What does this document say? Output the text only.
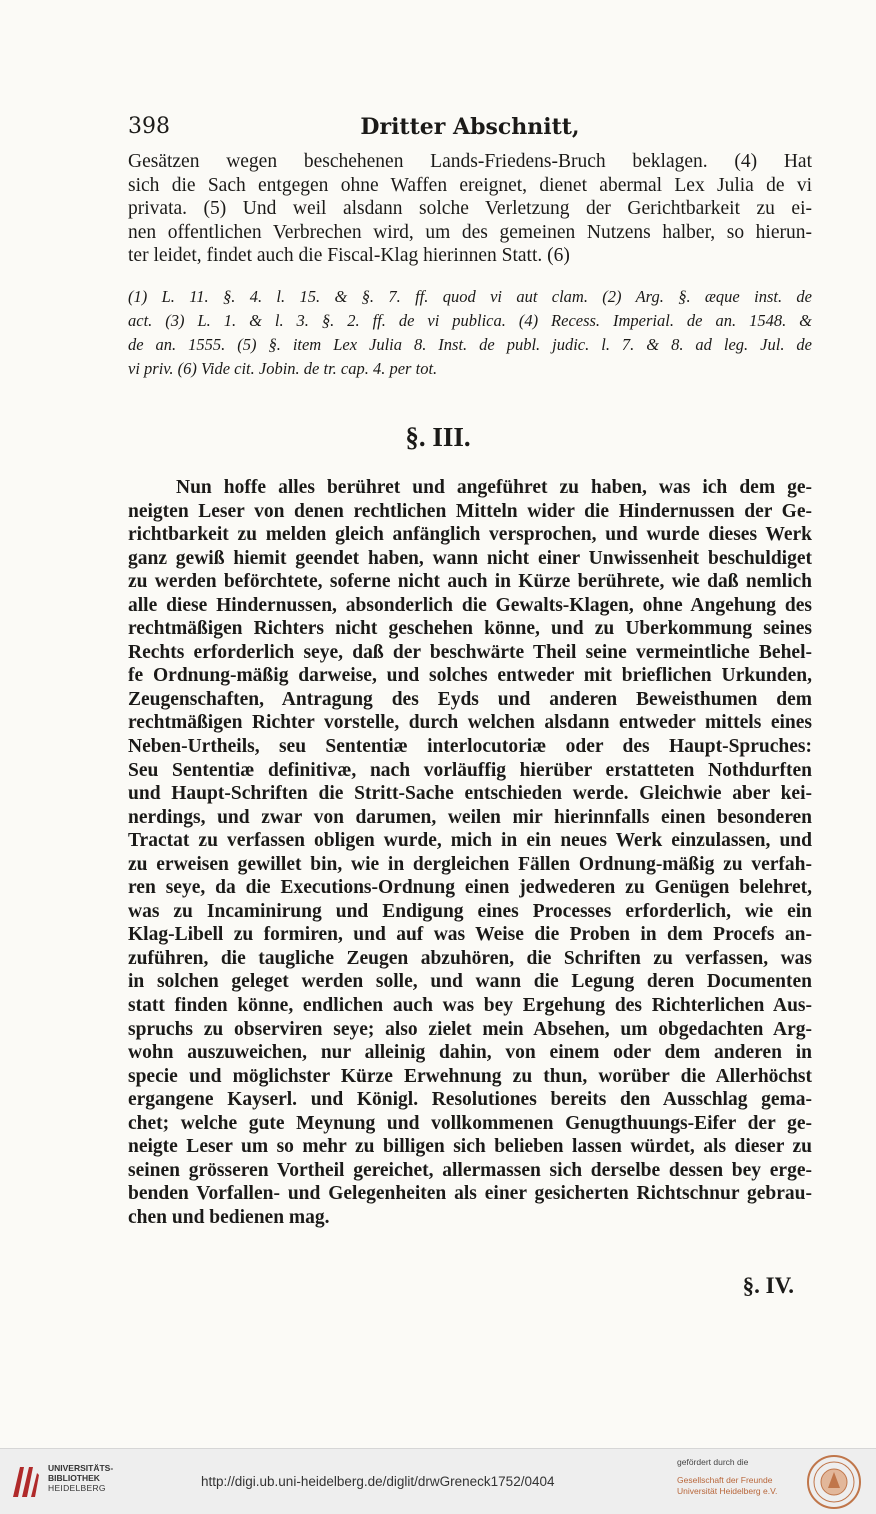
398	Dritter Abschnitt,
Gesätzen wegen beschehenen Lands-Friedens-Bruch beklagen. (4) Hat
sich die Sach entgegen ohne Waffen ereignet, dienet abermal Lex Julia de vi
privata. (5) Und weil alsdann solche Verletzung der Gerichtbarkeit zu ei-
nen offentlichen Verbrechen wird, um des gemeinen Nutzens halber, so hierun-
ter leidet, findet auch die Fiscal-Klag hierinnen Statt. (6)
(1) L. 11. §. 4. l. 15. & §. 7. ff. quod vi aut clam. (2) Arg. §. æque inst. de
act. (3) L. 1. & l. 3. §. 2. ff. de vi publica. (4) Recess. Imperial. de an. 1548. &
de an. 1555. (5) §. item Lex Julia 8. Inst. de publ. judic. l. 7. & 8. ad leg. Jul. de
vi priv. (6) Vide cit. Jobin. de tr. cap. 4. per tot.
§. III.
Nun hoffe alles berühret und angeführet zu haben, was ich dem ge-
neigten Leser von denen rechtlichen Mitteln wider die Hindernussen der Ge-
richtbarkeit zu melden gleich anfänglich versprochen, und wurde dieses Werk
ganz gewiß hiemit geendet haben, wann nicht einer Unwissenheit beschuldiget
zu werden beförchtete, soferne nicht auch in Kürze berührete, wie daß nemlich
alle diese Hindernussen, absonderlich die Gewalts-Klagen, ohne Angehung des
rechtmäßigen Richters nicht geschehen könne, und zu Uberkommung seines
Rechts erforderlich seye, daß der beschwärte Theil seine vermeintliche Behel-
fe Ordnung-mäßig darweise, und solches entweder mit brieflichen Urkunden,
Zeugenschaften, Antragung des Eyds und anderen Beweisthumen dem
rechtmäßigen Richter vorstelle, durch welchen alsdann entweder mittels eines
Neben-Urtheils, seu Sententiæ interlocutoriæ oder des Haupt-Spruches:
Seu Sententiæ definitivæ, nach vorläuffig hierüber erstatteten Nothdurften
und Haupt-Schriften die Stritt-Sache entschieden werde. Gleichwie aber kei-
nerdings, und zwar von darumen, weilen mir hierinnfalls einen besonderen
Tractat zu verfassen obligen wurde, mich in ein neues Werk einzulassen, und
zu erweisen gewillet bin, wie in dergleichen Fällen Ordnung-mäßig zu verfah-
ren seye, da die Executions-Ordnung einen jedwederen zu Genügen belehret,
was zu Incaminirung und Endigung eines Processes erforderlich, wie ein
Klag-Libell zu formiren, und auf was Weise die Proben in dem Procefs an-
zuführen, die taugliche Zeugen abzuhören, die Schriften zu verfassen, was
in solchen geleget werden solle, und wann die Legung deren Documenten
statt finden könne, endlichen auch was bey Ergehung des Richterlichen Aus-
spruchs zu observiren seye; also zielet mein Absehen, um obgedachten Arg-
wohn auszuweichen, nur alleinig dahin, von einem oder dem anderen in
specie und möglichster Kürze Erwehnung zu thun, worüber die Allerhöchst
ergangene Kayserl. und Königl. Resolutiones bereits den Ausschlag gema-
chet; welche gute Meynung und vollkommenen Genugthuungs-Eifer der ge-
neigte Leser um so mehr zu billigen sich belieben lassen würdet, als dieser zu
seinen grösseren Vortheil gereichet, allermassen sich derselbe dessen bey erge-
benden Vorfallen- und Gelegenheiten als einer gesicherten Richtschnur gebrau-
chen und bedienen mag.
§. IV.
UNIVERSITÄTS-
BIBLIOTHEK
HEIDELBERG	http://digi.ub.uni-heidelberg.de/diglit/drwGreneck1752/0404
gefördert durch die
Gesellschaft der Freunde
Universität Heidelberg e.V.
